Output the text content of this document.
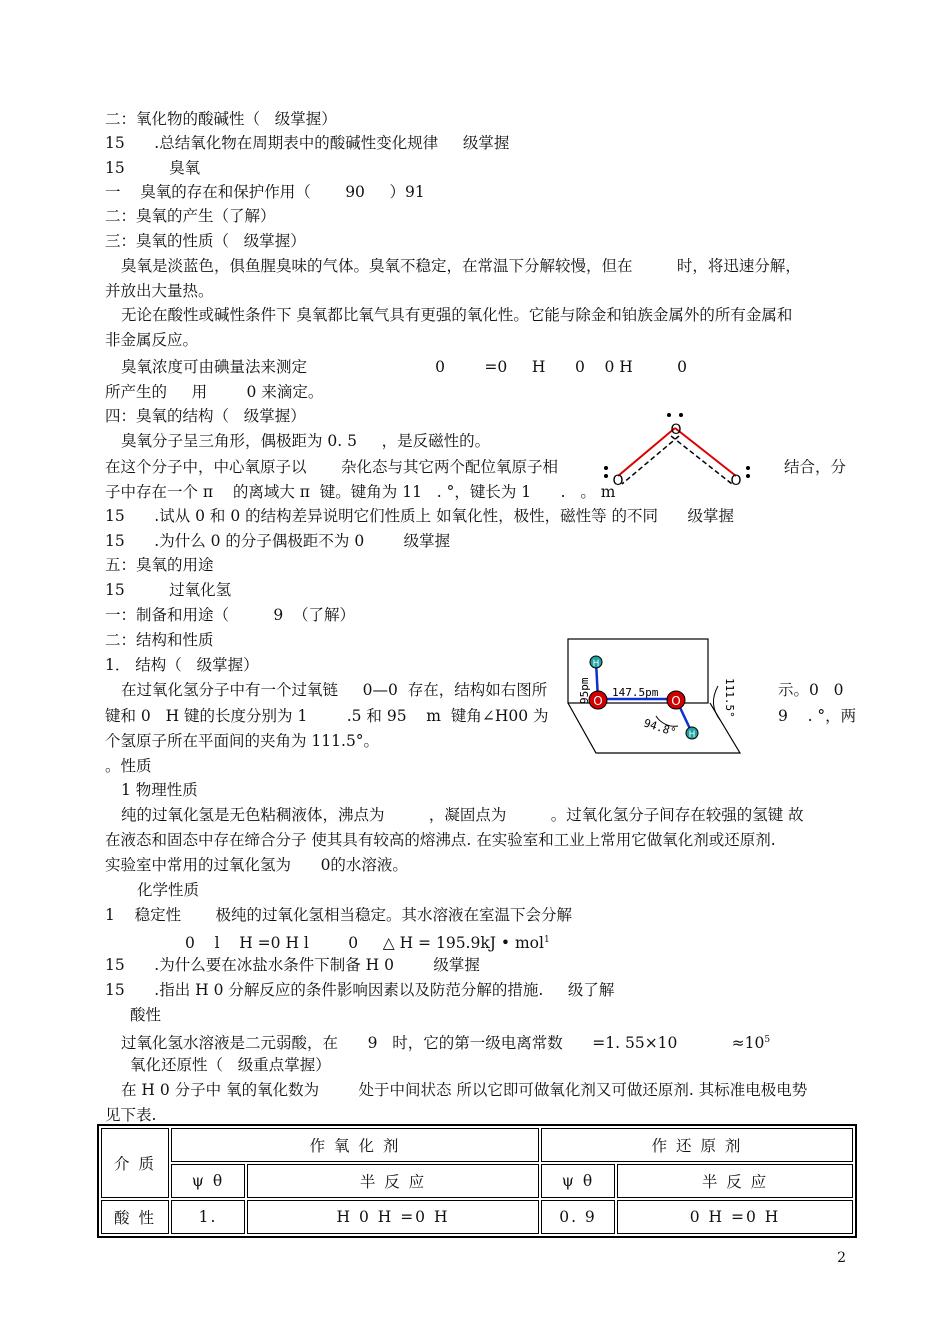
二：氧化物的酸碱性（   级掌握）
15      .总结氧化物在周期表中的酸碱性变化规律     级掌握
15         臭氧
一    臭氧的存在和保护作用（       90     ）91
二：臭氧的产生（了解）
三：臭氧的性质（   级掌握）
臭氧是淡蓝色，俱鱼腥臭味的气体。臭氧不稳定，在常温下分解较慢，但在         时，将迅速分解，
并放出大量热。
无论在酸性或碱性条件下 臭氧都比氧气具有更强的氧化性。它能与除金和铂族金属外的所有金属和
非金属反应。
臭氧浓度可由碘量法来测定                          0        =0     H      0    0 H         0
所产生的     用        0 来滴定。
四：臭氧的结构（   级掌握）
臭氧分子呈三角形，偶极距为 0. 5     ，是反磁性的。
在这个分子中，中心氧原子以       杂化态与其它两个配位氧原子相	结合，分
子中存在一个 π    的离域大 π  键。键角为 11   . °，键长为 1      .   。 m
15      .试从 0 和 0 的结构差异说明它们性质上 如氧化性，极性，磁性等 的不同      级掌握
15      .为什么 0 的分子偶极距不为 0        级掌握
五：臭氧的用途
15         过氧化氢
一：制备和用途（         9  （了解）
二：结构和性质
1． 结构（   级掌握）
在过氧化氢分子中有一个过氧链     0—0  存在，结构如右图所	示。0   0
键和 0   H 键的长度分别为 1        .5 和 95    m  键角∠H00 为	9    . °，两
个氢原子所在平面间的夹角为 111.5°。
。性质
1 物理性质
纯的过氧化氢是无色粘稠液体，沸点为         ，凝固点为         。过氧化氢分子间存在较强的氢键 故
在液态和固态中存在缔合分子 使其具有较高的熔沸点. 在实验室和工业上常用它做氧化剂或还原剂.
实验室中常用的过氧化氢为      0的水溶液。
化学性质
1    稳定性       极纯的过氧化氢相当稳定。其水溶液在室温下会分解
0    l    H =0 H l        0     △ H = 195.9kJ • mol$^1$
15      .为什么要在冰盐水条件下制备 H 0        级掌握
15      .指出 H 0 分解反应的条件影响因素以及防范分解的措施.     级了解
酸性
过氧化氢水溶液是二元弱酸，在      9   时，它的第一级电离常数      =1. 55×10           $\approx 10^5$
氧化还原性（   级重点掌握）
在 H 0 分子中 氧的氧化数为        处于中间状态 所以它即可做氧化剂又可做还原剂. 其标准电极电势
见下表.
O
O	O
H
H
O	O
95pm 147.5pm
94.8°
111.5°
介 质	作 氧 化 剂		作 还 原 剂	
	ψ θ	半 反 应	ψ θ	半 反 应
酸 性	1.	H 0 H =0 H	0. 9	0 H =0 H
2
